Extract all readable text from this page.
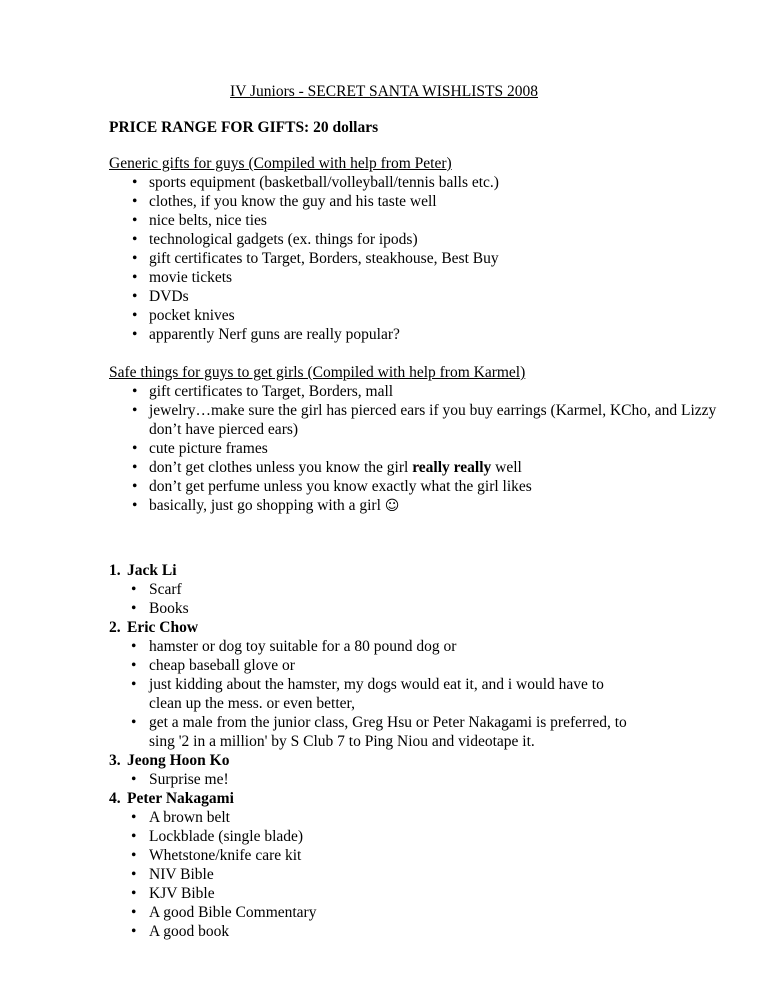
IV Juniors - SECRET SANTA WISHLISTS 2008

PRICE RANGE FOR GIFTS: 20 dollars

Generic gifts for guys (Compiled with help from Peter)

• sports equipment (basketball/volleyball/tennis balls etc.)
• clothes, if you know the guy and his taste well
• nice belts, nice ties
• technological gadgets (ex. things for ipods)
• gift certificates to Target, Borders, steakhouse, Best Buy
• movie tickets
• DVDs
• pocket knives
• apparently Nerf guns are really popular?

Safe things for guys to get girls (Compiled with help from Karmel)

• gift certificates to Target, Borders, mall
• jewelry…make sure the girl has pierced ears if you buy earrings (Karmel, KCho, and Lizzy don’t have pierced ears)
• cute picture frames
• don’t get clothes unless you know the girl really really well
• don’t get perfume unless you know exactly what the girl likes
• basically, just go shopping with a girl ☺
1. Jack Li
• Scarf
• Books
2. Eric Chow
• hamster or dog toy suitable for a 80 pound dog or
• cheap baseball glove or
• just kidding about the hamster, my dogs would eat it, and i would have to clean up the mess. or even better,
• get a male from the junior class, Greg Hsu or Peter Nakagami is preferred, to sing '2 in a million' by S Club 7 to Ping Niou and videotape it.
3. Jeong Hoon Ko
• Surprise me!
4. Peter Nakagami
• A brown belt
• Lockblade (single blade)
• Whetstone/knife care kit
• NIV Bible
• KJV Bible
• A good Bible Commentary
• A good book
